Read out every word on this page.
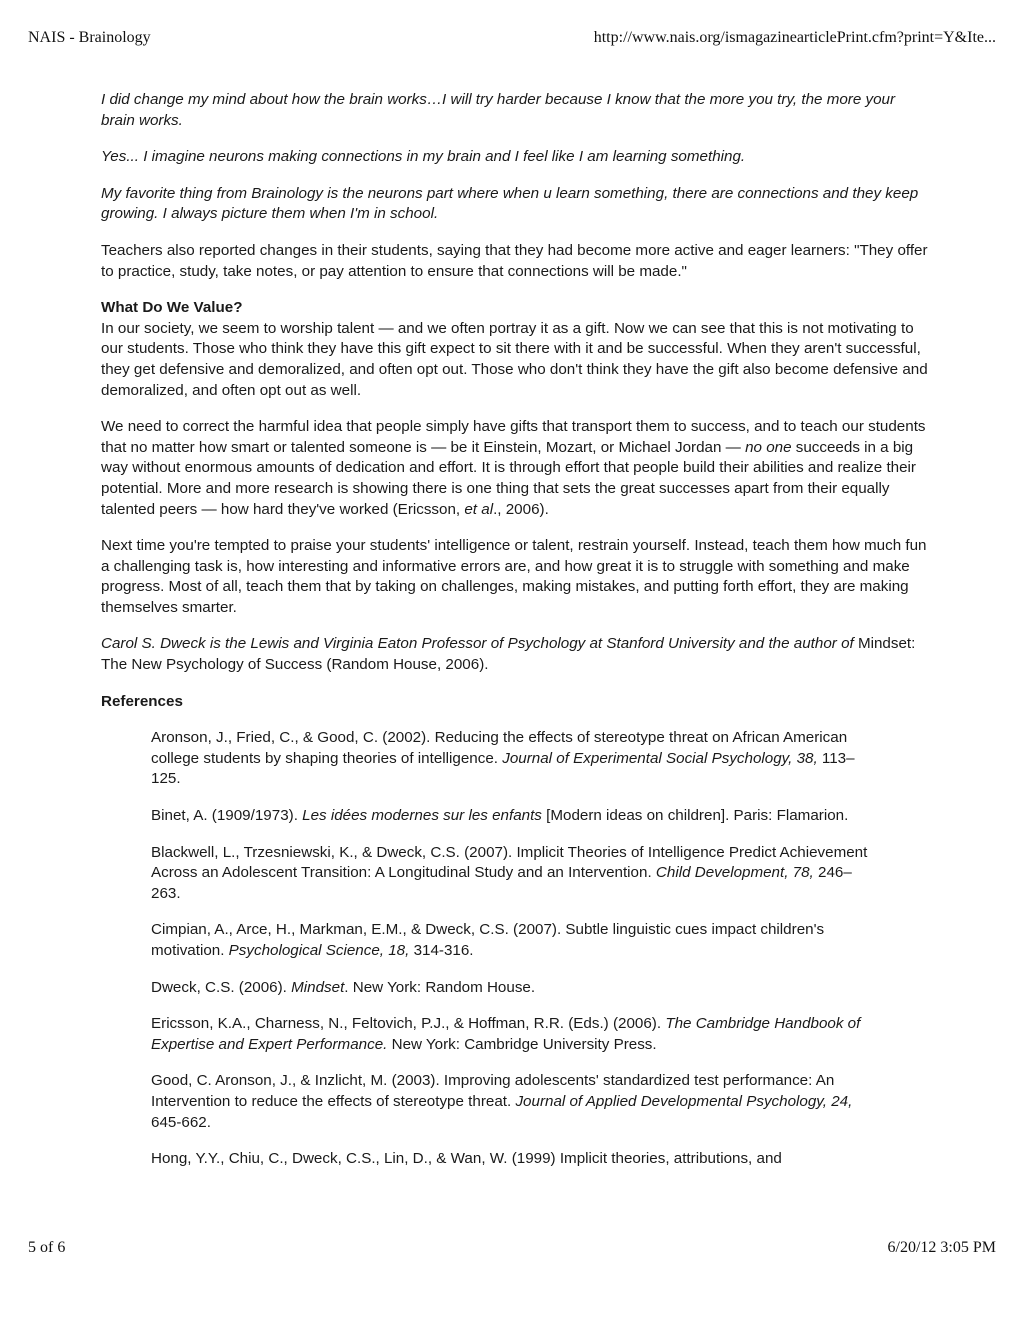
NAIS - Brainology	http://www.nais.org/ismagazinearticlePrint.cfm?print=Y&Ite...

I did change my mind about how the brain works…I will try harder because I know that the more you try, the more your brain works.

Yes... I imagine neurons making connections in my brain and I feel like I am learning something.

My favorite thing from Brainology is the neurons part where when u learn something, there are connections and they keep growing. I always picture them when I'm in school.

Teachers also reported changes in their students, saying that they had become more active and eager learners: "They offer to practice, study, take notes, or pay attention to ensure that connections will be made."

What Do We Value?
In our society, we seem to worship talent — and we often portray it as a gift. Now we can see that this is not motivating to our students. Those who think they have this gift expect to sit there with it and be successful. When they aren't successful, they get defensive and demoralized, and often opt out. Those who don't think they have the gift also become defensive and demoralized, and often opt out as well.

We need to correct the harmful idea that people simply have gifts that transport them to success, and to teach our students that no matter how smart or talented someone is — be it Einstein, Mozart, or Michael Jordan — no one succeeds in a big way without enormous amounts of dedication and effort. It is through effort that people build their abilities and realize their potential. More and more research is showing there is one thing that sets the great successes apart from their equally talented peers — how hard they've worked (Ericsson, et al., 2006).

Next time you're tempted to praise your students' intelligence or talent, restrain yourself. Instead, teach them how much fun a challenging task is, how interesting and informative errors are, and how great it is to struggle with something and make progress. Most of all, teach them that by taking on challenges, making mistakes, and putting forth effort, they are making themselves smarter.

Carol S. Dweck is the Lewis and Virginia Eaton Professor of Psychology at Stanford University and the author of Mindset: The New Psychology of Success (Random House, 2006).

References

Aronson, J., Fried, C., & Good, C. (2002). Reducing the effects of stereotype threat on African American college students by shaping theories of intelligence. Journal of Experimental Social Psychology, 38, 113–125.

Binet, A. (1909/1973). Les idées modernes sur les enfants [Modern ideas on children]. Paris: Flamarion.

Blackwell, L., Trzesniewski, K., & Dweck, C.S. (2007). Implicit Theories of Intelligence Predict Achievement Across an Adolescent Transition: A Longitudinal Study and an Intervention. Child Development, 78, 246–263.

Cimpian, A., Arce, H., Markman, E.M., & Dweck, C.S. (2007). Subtle linguistic cues impact children's motivation. Psychological Science, 18, 314-316.

Dweck, C.S. (2006). Mindset. New York: Random House.

Ericsson, K.A., Charness, N., Feltovich, P.J., & Hoffman, R.R. (Eds.) (2006). The Cambridge Handbook of Expertise and Expert Performance. New York: Cambridge University Press.

Good, C. Aronson, J., & Inzlicht, M. (2003). Improving adolescents' standardized test performance: An Intervention to reduce the effects of stereotype threat. Journal of Applied Developmental Psychology, 24, 645-662.

Hong, Y.Y., Chiu, C., Dweck, C.S., Lin, D., & Wan, W. (1999) Implicit theories, attributions, and

5 of 6	6/20/12 3:05 PM
